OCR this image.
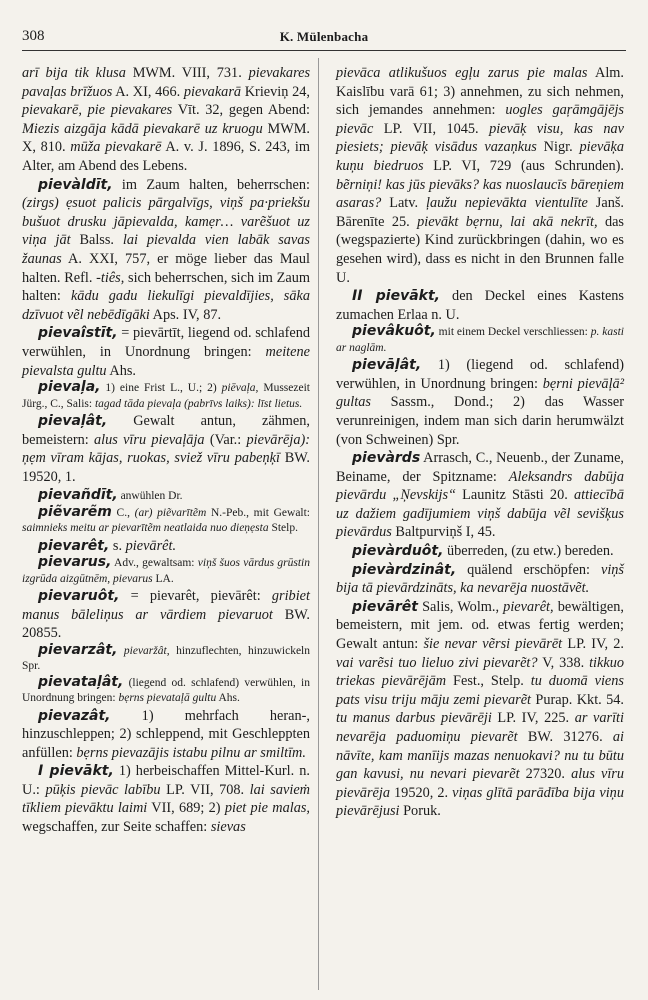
308	K. Mülenbacha
arī bija tik klusa MWM. VIII, 731. pievakares pavaļas brīžuos A. XI, 466. pievakarā Krieviņ 24, pievakarē, pie pievakares Vīt. 32, gegen Abend: Miezis aizgāja kādā pievakarē uz kruogu MWM. X, 810. mūža pievakarē A. v. J. 1896, S. 243, im Alter, am Abend des Lebens.
pievàldīt, im Zaum halten, beherrschen: (zirgs) ẹsuot palicis pārgalvīgs, viņš pa·priekšu bušuot drusku jāpievalda, kamẹr… varẽšuot uz viņa jāt Balss. lai pievalda vien labāk savas žaunas A. XXI, 757, er möge lieber das Maul halten. Refl. -tiês, sich beherrschen, sich im Zaum halten: kādu gadu liekulīgi pievaldījies, sāka dzīvuot vẽl nebēdīgāki Aps. IV, 87.
pievaîstīt, = pievārtīt, liegend od. schlafend verwühlen, in Unordnung bringen: meitene pievalsta gultu Ahs.
pievaļa, 1) eine Frist L., U.; 2) piēvaļa, Mussezeit Jürg., C., Salis: tagad tāda pievaļa (pabrīvs laiks): līst lietus.
pievaļât, Gewalt antun, zähmen, bemeistern: alus vīru pievaļāja (Var.: pievārēja): ņẹm vīram kājas, ruokas, sviež vīru pabeņķī BW. 19520, 1.
pievañdīt, anwühlen Dr.
piẽvarẽm C., (ar) piẽvarītẽm N.-Peb., mit Gewalt: saimnieks meitu ar pievarītẽm neatlaida nuo dieņẹsta Stelp.
pievarêt, s. pievārêt.
pievarus, Adv., gewaltsam: viņš šuos vārdus grūstin izgrūda aizgūtnēm, pievarus LA.
pievaruôt, = pievarêt, pievārêt: gribiet manus bāleliņus ar vārdiem pievaruot BW. 20855.
pievarzât, pievaržât, hinzuflechten, hinzuwickeln Spr.
pievataļât, (liegend od. schlafend) verwühlen, in Unordnung bringen: bẹrns pievataļā gultu Ahs.
pievazât, 1) mehrfach heran-, hinzuschleppen; 2) schleppend, mit Geschleppten anfüllen: bẹrns pievazājis istabu pilnu ar smiltīm.
I pievākt, 1) herbeischaffen Mittel-Kurl. n. U.: pūķis pievāc labību LP. VII, 708. lai savieṁ tīkliem pievāktu laimi VII, 689; 2) piet pie malas, wegschaffen, zur Seite schaffen: sievas
pievāca atlikušuos egļu zarus pie malas Alm. Kaislību varā 61; 3) annehmen, zu sich nehmen, sich jemandes annehmen: uogles gaŗāmgājējs pievāc LP. VII, 1045. pievāķ visu, kas nav piesiets; pievāķ visādus vazaņkus Nigr. pievāķa kuņu biedruos LP. VI, 729 (aus Schrunden). bẽrniņi! kas jūs pievāks? kas nuoslaucīs bāreņiem asaras? Latv. ļaužu nepievākta vientulīte Janš. Bārenīte 25. pievākt bẹrnu, lai akā nekrīt, das (wegspazierte) Kind zurückbringen (dahin, wo es gesehen wird), dass es nicht in den Brunnen falle U.
II pievākt, den Deckel eines Kastens zumachen Erlaa n. U.
pievâkuôt, mit einem Deckel verschliessen: p. kasti ar naglām.
pievāļât, 1) (liegend od. schlafend) verwühlen, in Unordnung bringen: bẹrni pievāļā² gultas Sassm., Dond.; 2) das Wasser verunreinigen, indem man sich darin herumwälzt (von Schweinen) Spr.
pievàrds Arrasch, C., Neuenb., der Zuname, Beiname, der Spitzname: Aleksandrs dabūja pievārdu „Ņevskijs“ Launitz Stāsti 20. attiecībā uz dažiem gadījumiem viņš dabūja vẽl sevišķus pievārdus Baltpurviņš I, 45.
pievàrduôt, überreden, (zu etw.) bereden.
pievàrdzinât, quälend erschöpfen: viņš bija tā pievārdzināts, ka nevarēja nuostāvẽt.
pievārêt Salis, Wolm., pievarêt, bewältigen, bemeistern, mit jem. od. etwas fertig werden; Gewalt antun: šie nevar vẽrsi pievārēt LP. IV, 2. vai varẽsi tuo lieluo zivi pievarẽt? V, 338. tikkuo triekas pievārējām Fest., Stelp. tu duomā viens pats visu triju māju zemi pievarẽt Purap. Kkt. 54. tu manus darbus pievārēji LP. IV, 225. ar varīti nevarēja paduomiņu pievarẽt BW. 31276. ai nāvīte, kam manīijs mazas nenuokavi? nu tu būtu gan kavusi, nu nevari pievarẽt 27320. alus vīru pievārēja 19520, 2. viņas glītā parādība bija viņu pievārējusi Poruk.
